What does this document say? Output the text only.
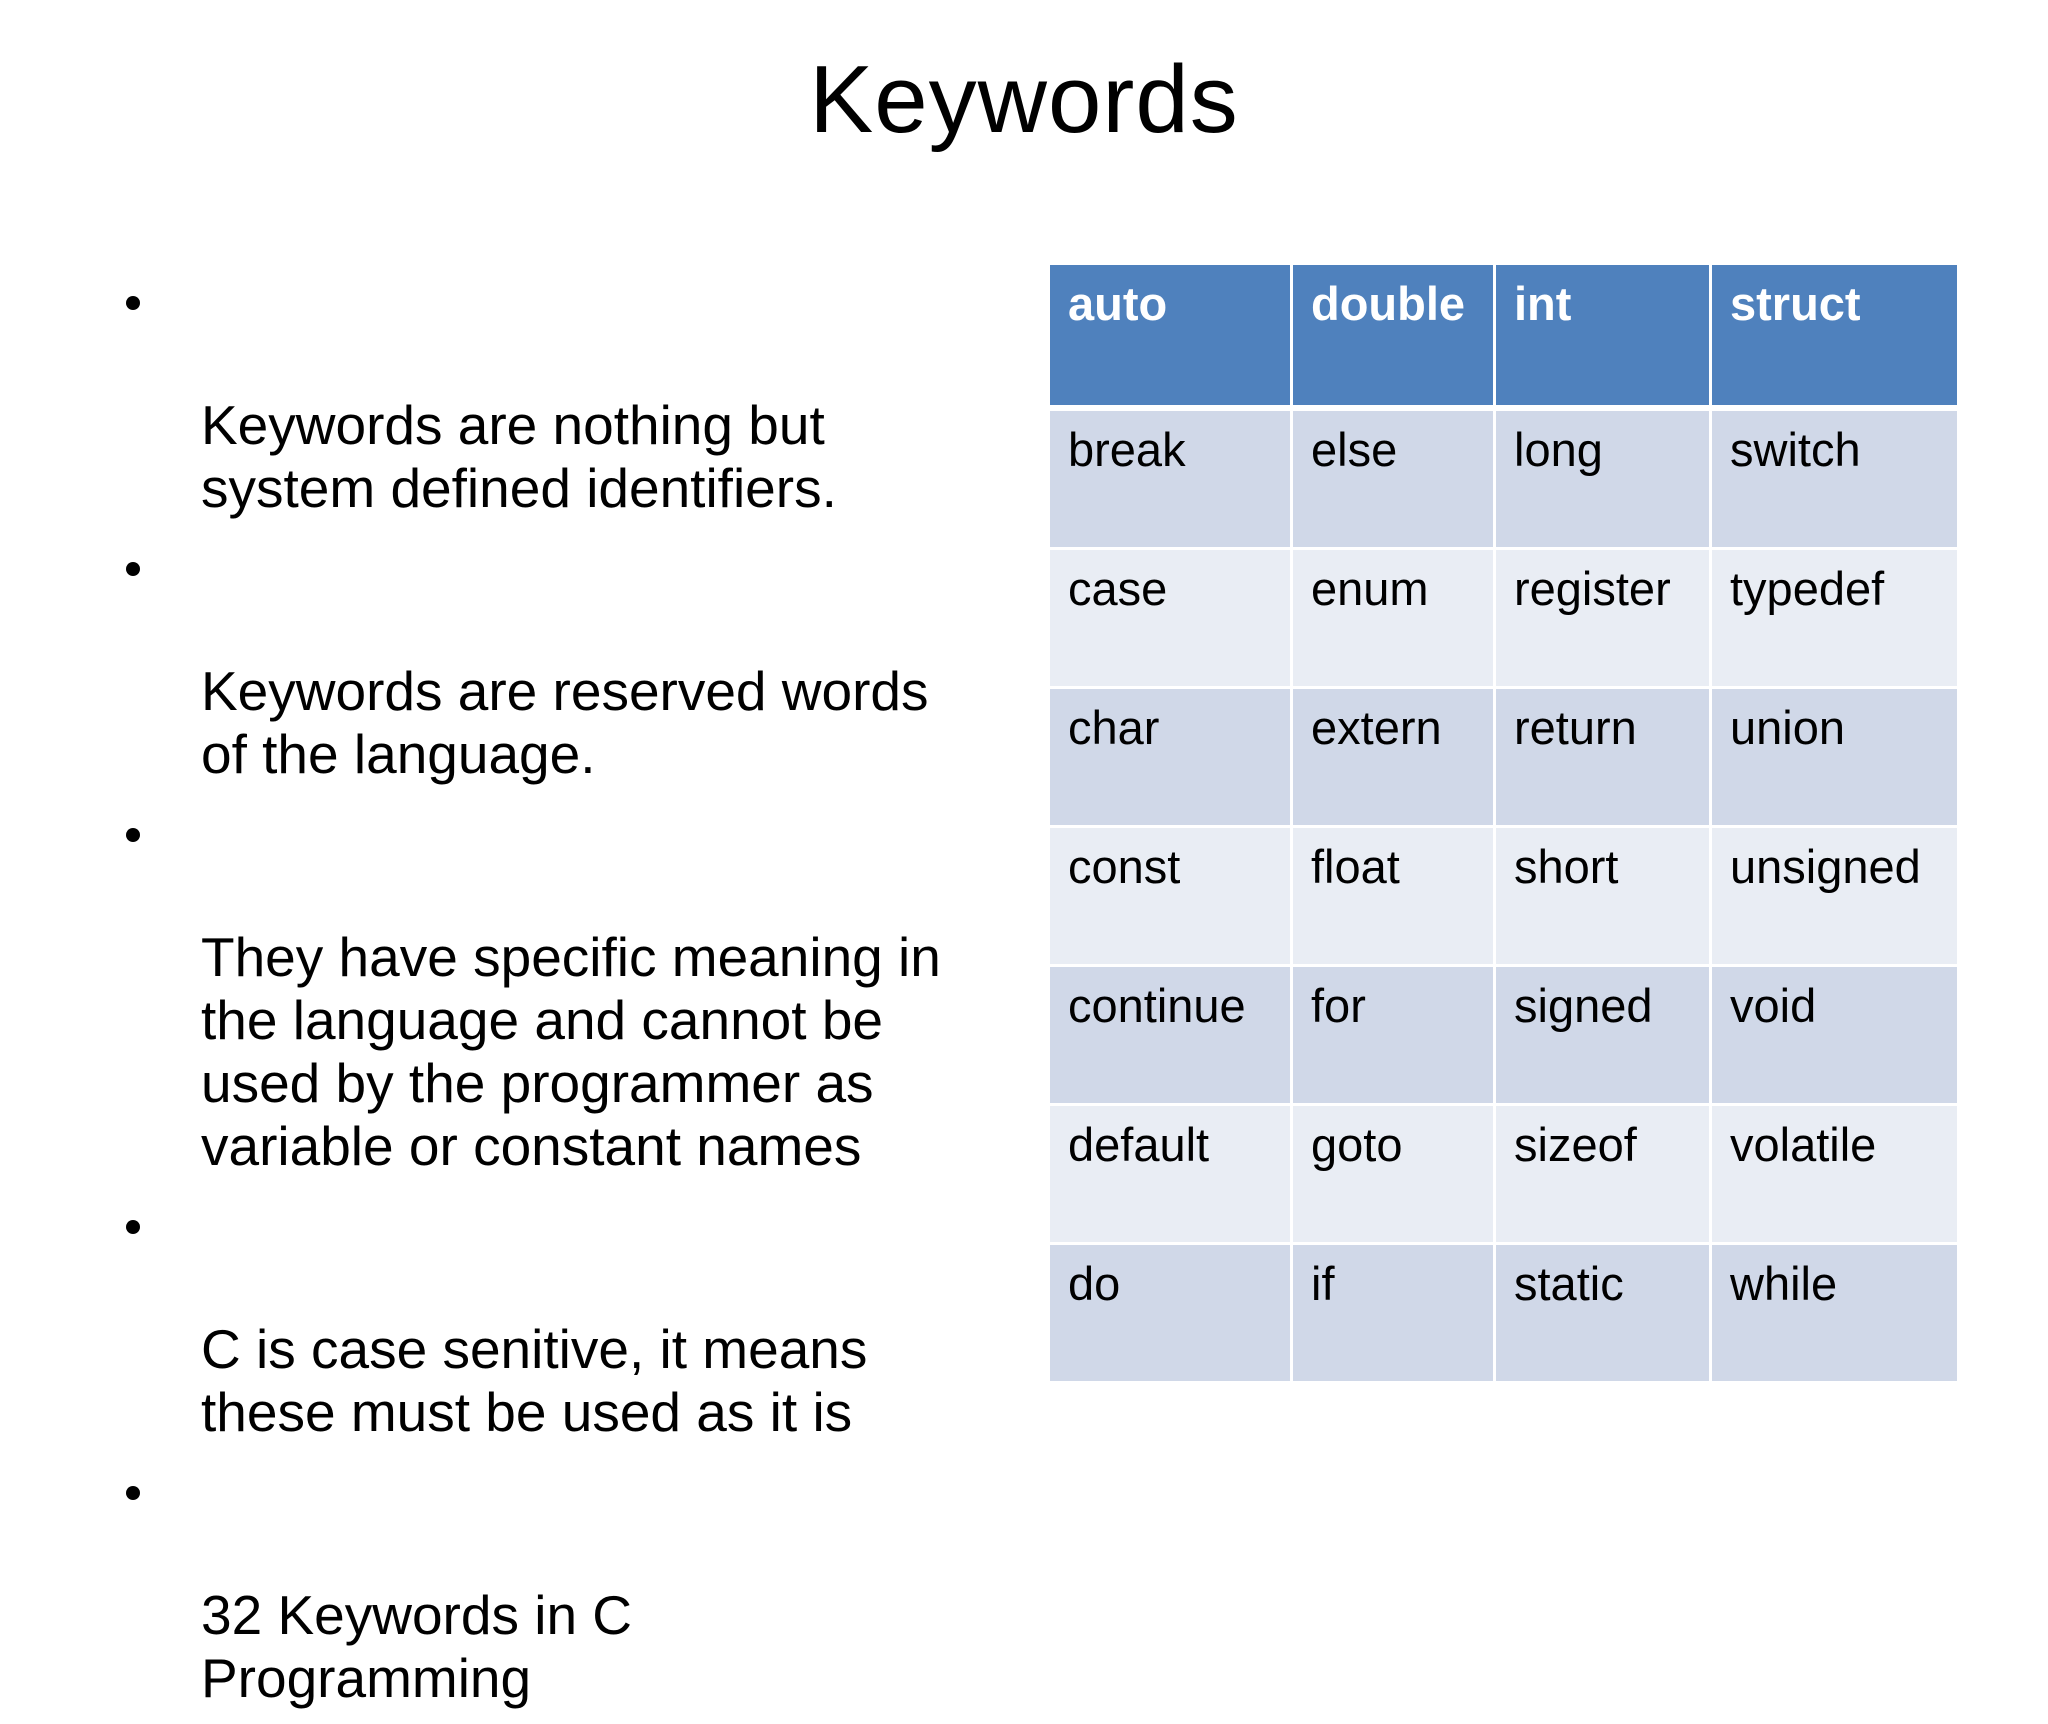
Keywords

Keywords are nothing but
system defined identifiers.

Keywords are reserved words
of the language.

They have specific meaning in
the language and cannot be
used by the programmer as
variable or constant names

C is case senitive, it means
these must be used as it is

32 Keywords in C
Programming

auto	double	int	struct
break	else	long	switch
case	enum	register	typedef
char	extern	return	union
const	float	short	unsigned
continue	for	signed	void
default	goto	sizeof	volatile
do	if	static	while
